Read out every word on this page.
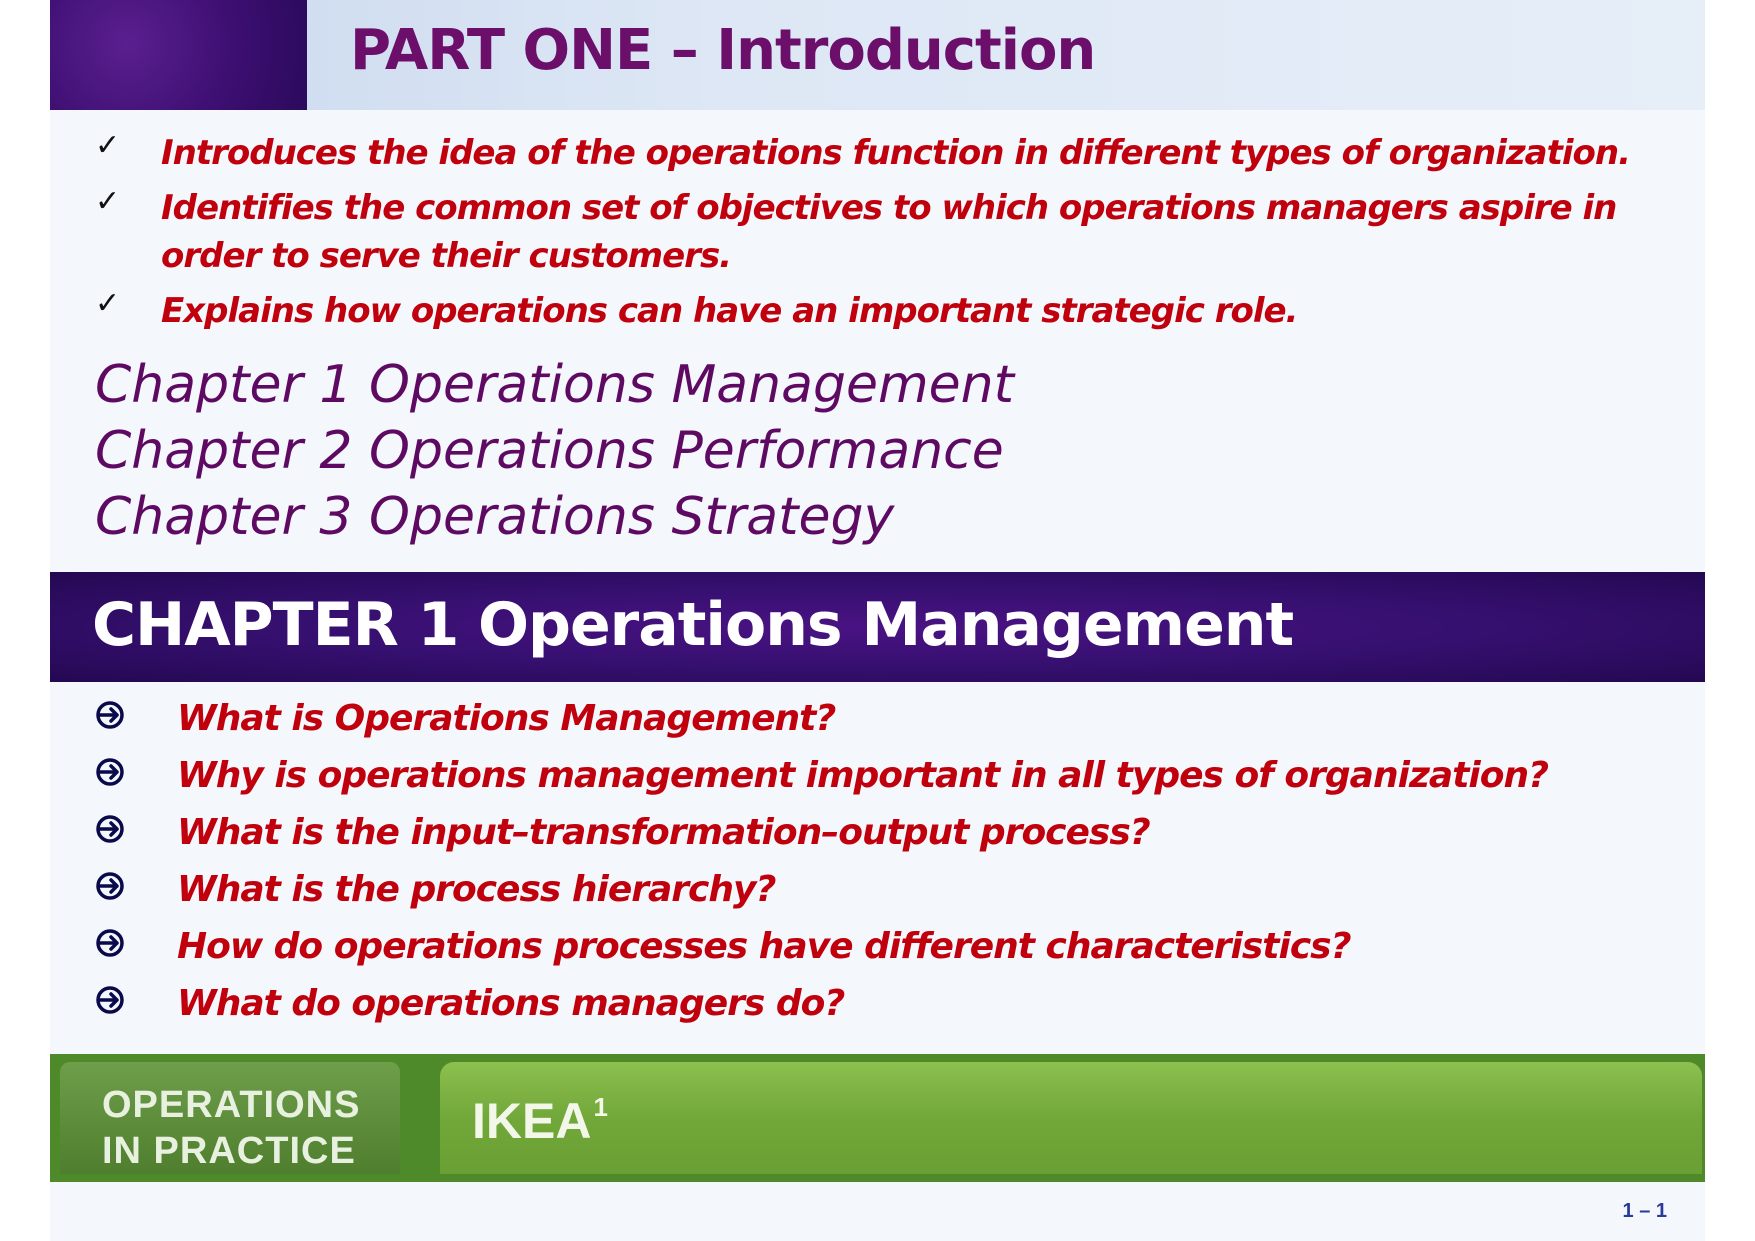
PART ONE – Introduction
✓ Introduces the idea of the operations function in different types of organization.
✓ Identifies the common set of objectives to which operations managers aspire in order to serve their customers.
✓ Explains how operations can have an important strategic role.
Chapter 1 Operations Management
Chapter 2 Operations Performance
Chapter 3 Operations Strategy
CHAPTER 1 Operations Management
What is Operations Management?
Why is operations management important in all types of organization?
What is the input–transformation–output process?
What is the process hierarchy?
How do operations processes have different characteristics?
What do operations managers do?
OPERATIONS
IN PRACTICE
IKEA$^1$
1 – 1
